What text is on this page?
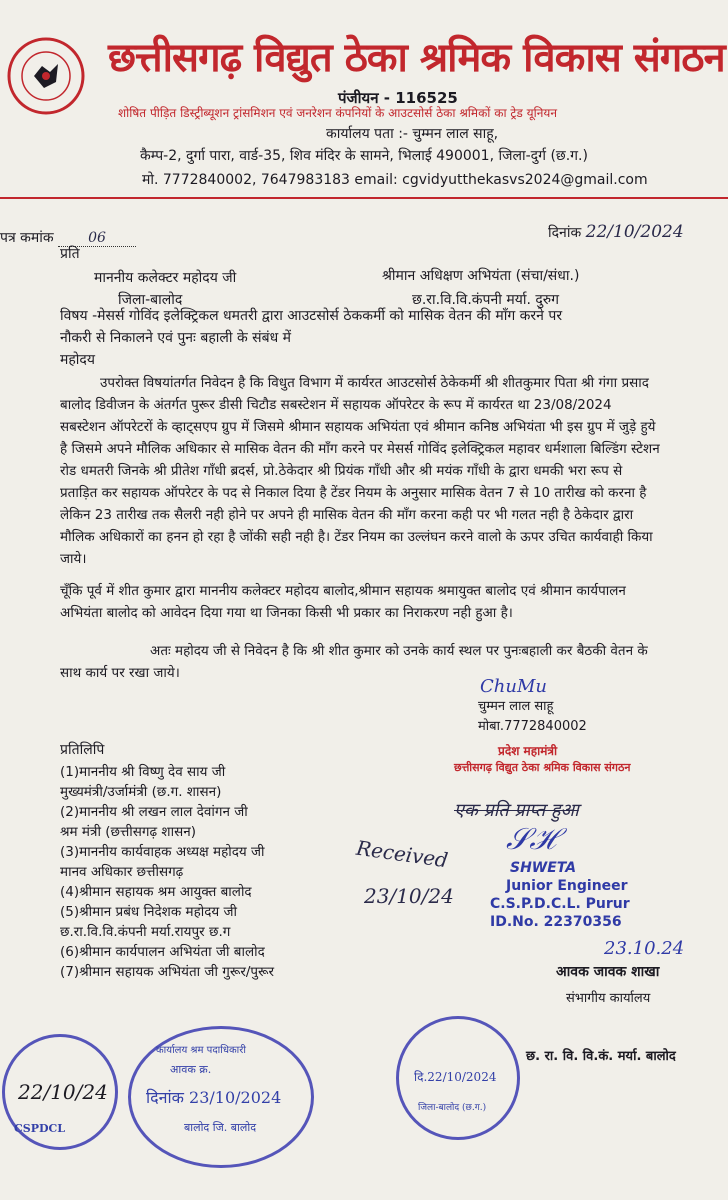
छत्तीसगढ़ विद्युत ठेका श्रमिक विकास संगठन
पंजीयन - 116525
शोषित पीड़ित डिस्ट्रीब्यूशन ट्रांसमिशन एवं जनरेशन कंपनियों के आउटसोर्स ठेका श्रमिकों का ट्रेड यूनियन
कार्यालय पता :- चुम्मन लाल साहू,
कैम्प-2, दुर्गा पारा, वार्ड-35, शिव मंदिर के सामने, भिलाई 490001, जिला-दुर्ग (छ.ग.)
मो. 7772840002, 7647983183 email: cgvidyutthekasvs2024@gmail.com
पत्र कमांक 06	दिनांक 22/10/2024
प्रति
माननीय कलेक्टर महोदय जी
जिला-बालोद
श्रीमान अधिक्षण अभियंता (संचा/संधा.)
छ.रा.वि.वि.कंपनी मर्या. दुरुग
विषय -मेसर्स गोविंद इलेक्ट्रिकल धमतरी द्वारा आउटसोर्स ठेककर्मी को मासिक वेतन की माँग करने पर
नौकरी से निकालने एवं पुनः बहाली के संबंध में
महोदय
उपरोक्त विषयांतर्गत निवेदन है कि विधुत विभाग में कार्यरत आउटसोर्स ठेकेकर्मी श्री शीतकुमार पिता श्री गंगा प्रसाद बालोद डिवीजन के अंतर्गत पुरूर डीसी चिटौड सबस्टेशन में सहायक ऑपरेटर के रूप में कार्यरत था 23/08/2024 सबस्टेशन ऑपरेटरों के व्हाट्सएप ग्रुप में जिसमे श्रीमान सहायक अभियंता एवं श्रीमान कनिष्ठ अभियंता भी इस ग्रुप में जुड़े हुये है जिसमे अपने मौलिक अधिकार से मासिक वेतन की माँग करने पर मेसर्स गोविंद इलेक्ट्रिकल महावर धर्मशाला बिल्डिंग स्टेशन रोड धमतरी जिनके श्री प्रीतेश गाँधी ब्रदर्स, प्रो.ठेकेदार श्री प्रियंक गाँधी और श्री मयंक गाँधी के द्वारा धमकी भरा रूप से प्रताड़ित कर सहायक ऑपरेटर के पद से निकाल दिया है टेंडर नियम के अनुसार मासिक वेतन 7 से 10 तारीख को करना है लेकिन 23 तारीख तक सैलरी नही होने पर अपने ही मासिक वेतन की माँग करना कही पर भी गलत नही है ठेकेदार द्वारा मौलिक अधिकारों का हनन हो रहा है जोंकी सही नही है। टेंडर नियम का उल्लंघन करने वालो के ऊपर उचित कार्यवाही किया जाये।
चूँकि पूर्व में शीत कुमार द्वारा माननीय कलेक्टर महोदय बालोद,श्रीमान सहायक श्रमायुक्त बालोद एवं श्रीमान कार्यपालन अभियंता बालोद को आवेदन दिया गया था जिनका किसी भी प्रकार का निराकरण नही हुआ है।
अतः महोदय जी से निवेदन है कि श्री शीत कुमार को उनके कार्य स्थल पर पुनःबहाली कर बैठकी वेतन के साथ कार्य पर रखा जाये।
ChuMu
चुम्मन लाल साहू
मोबा.7772840002
प्रदेश महामंत्री
छत्तीसगढ़ विद्युत ठेका श्रमिक विकास संगठन
प्रतिलिपि
(1)माननीय श्री विष्णु देव साय जी
मुख्यमंत्री/उर्जामंत्री (छ.ग. शासन)
(2)माननीय श्री लखन लाल देवांगन जी
श्रम मंत्री (छत्तीसगढ़ शासन)
(3)माननीय कार्यवाहक अध्यक्ष महोदय जी
मानव अधिकार छत्तीसगढ़
(4)श्रीमान सहायक श्रम आयुक्त बालोद
(5)श्रीमान प्रबंध निदेशक महोदय जी
छ.रा.वि.वि.कंपनी मर्या.रायपुर छ.ग
(6)श्रीमान कार्यपालन अभियंता जी बालोद
(7)श्रीमान सहायक अभियंता जी गुरूर/पुरूर
एक प्रति प्राप्त हुआ
Received
23/10/24
𝒮ℋ
SHWETA
Junior Engineer
C.S.P.D.C.L. Purur
ID.No. 22370356
23.10.24
आवक जावक शाखा
संभागीय कार्यालय
छ. रा. वि. वि.कं. मर्या. बालोद
22/10/24
CSPDCL
कार्यालय श्रम पदाधिकारी
आवक क्र.
दिनांक 23/10/2024
बालोद जि. बालोद
दि.22/10/2024
जिला-बालोद (छ.ग.)
